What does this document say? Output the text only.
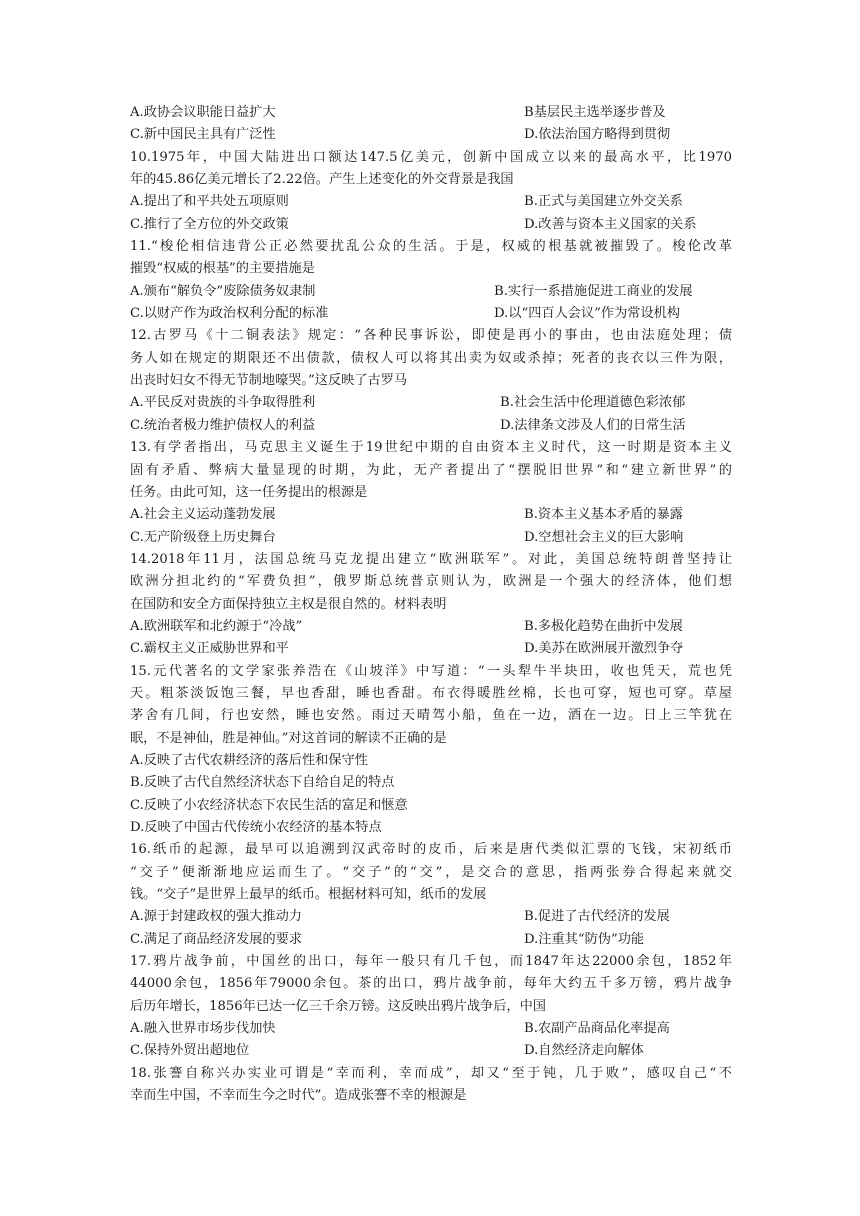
A.政协会议职能日益扩大	B基层民主选举逐步普及
C.新中国民主具有广泛性	D.依法治国方略得到贯彻
10.1975年，中国大陆进出口额达147.5亿美元，创新中国成立以来的最高水平，比1970
年的45.86亿美元增长了2.22倍。产生上述变化的外交背景是我国
A.提出了和平共处五项原则	B.正式与美国建立外交关系
C.推行了全方位的外交政策	D.改善与资本主义国家的关系
11.“梭伦相信违背公正必然要扰乱公众的生活。于是，权威的根基就被摧毁了。梭伦改革
摧毁“权威的根基”的主要措施是
A.颁布“解负令”废除债务奴隶制	B.实行一系措施促进工商业的发展
C.以财产作为政治权利分配的标准	D.以“四百人会议”作为常设机构
12.古罗马《十二铜表法》规定：“各种民事诉讼，即使是再小的事由，也由法庭处理；债
务人如在规定的期限还不出债款，债权人可以将其出卖为奴或杀掉；死者的丧衣以三件为限，
出丧时妇女不得无节制地嚎哭。”这反映了古罗马
A.平民反对贵族的斗争取得胜利	B.社会生活中伦理道德色彩浓郁
C.统治者极力维护债权人的利益	D.法律条文涉及人们的日常生活
13.有学者指出，马克思主义诞生于19世纪中期的自由资本主义时代，这一时期是资本主义
固有矛盾、弊病大量显现的时期，为此，无产者提出了“摆脱旧世界”和“建立新世界”的
任务。由此可知，这一任务提出的根源是
A.社会主义运动蓬勃发展	B.资本主义基本矛盾的暴露
C.无产阶级登上历史舞台	D.空想社会主义的巨大影响
14.2018年11月，法国总统马克龙提出建立“欧洲联军”。对此，美国总统特朗普坚持让
欧洲分担北约的“军费负担”，俄罗斯总统普京则认为，欧洲是一个强大的经济体，他们想
在国防和安全方面保持独立主权是很自然的。材料表明
A.欧洲联军和北约源于“冷战”	B.多极化趋势在曲折中发展
C.霸权主义正威胁世界和平	D.美苏在欧洲展开激烈争夺
15.元代著名的文学家张养浩在《山坡洋》中写道：“一头犁牛半块田，收也凭天，荒也凭
天。粗茶淡饭饱三餐，早也香甜，睡也香甜。布衣得暖胜丝棉，长也可穿，短也可穿。草屋
茅舍有几间，行也安然，睡也安然。雨过天晴驾小船，鱼在一边，酒在一边。日上三竿犹在
眠，不是神仙，胜是神仙。”对这首词的解读不正确的是
A.反映了古代农耕经济的落后性和保守性
B.反映了古代自然经济状态下自给自足的特点
C.反映了小农经济状态下农民生活的富足和惬意
D.反映了中国古代传统小农经济的基本特点
16.纸币的起源，最早可以追溯到汉武帝时的皮币，后来是唐代类似汇票的飞钱，宋初纸币
“交子”便渐渐地应运而生了。“交子”的“交”，是交合的意思，指两张券合得起来就交
钱。“交子”是世界上最早的纸币。根据材料可知，纸币的发展
A.源于封建政权的强大推动力	B.促进了古代经济的发展
C.满足了商品经济发展的要求	D.注重其“防伪”功能
17.鸦片战争前，中国丝的出口，每年一般只有几千包，而1847年达22000余包，1852年
44000余包，1856年79000余包。茶的出口，鸦片战争前，每年大约五千多万镑，鸦片战争
后历年增长，1856年已达一亿三千余万镑。这反映出鸦片战争后，中国
A.融入世界市场步伐加快	B.农副产品商品化率提高
C.保持外贸出超地位	D.自然经济走向解体
18.张謇自称兴办实业可谓是“幸而利，幸而成”，却又“至于钝，几于败”，感叹自己“不
幸而生中国，不幸而生今之时代”。造成张謇不幸的根源是
